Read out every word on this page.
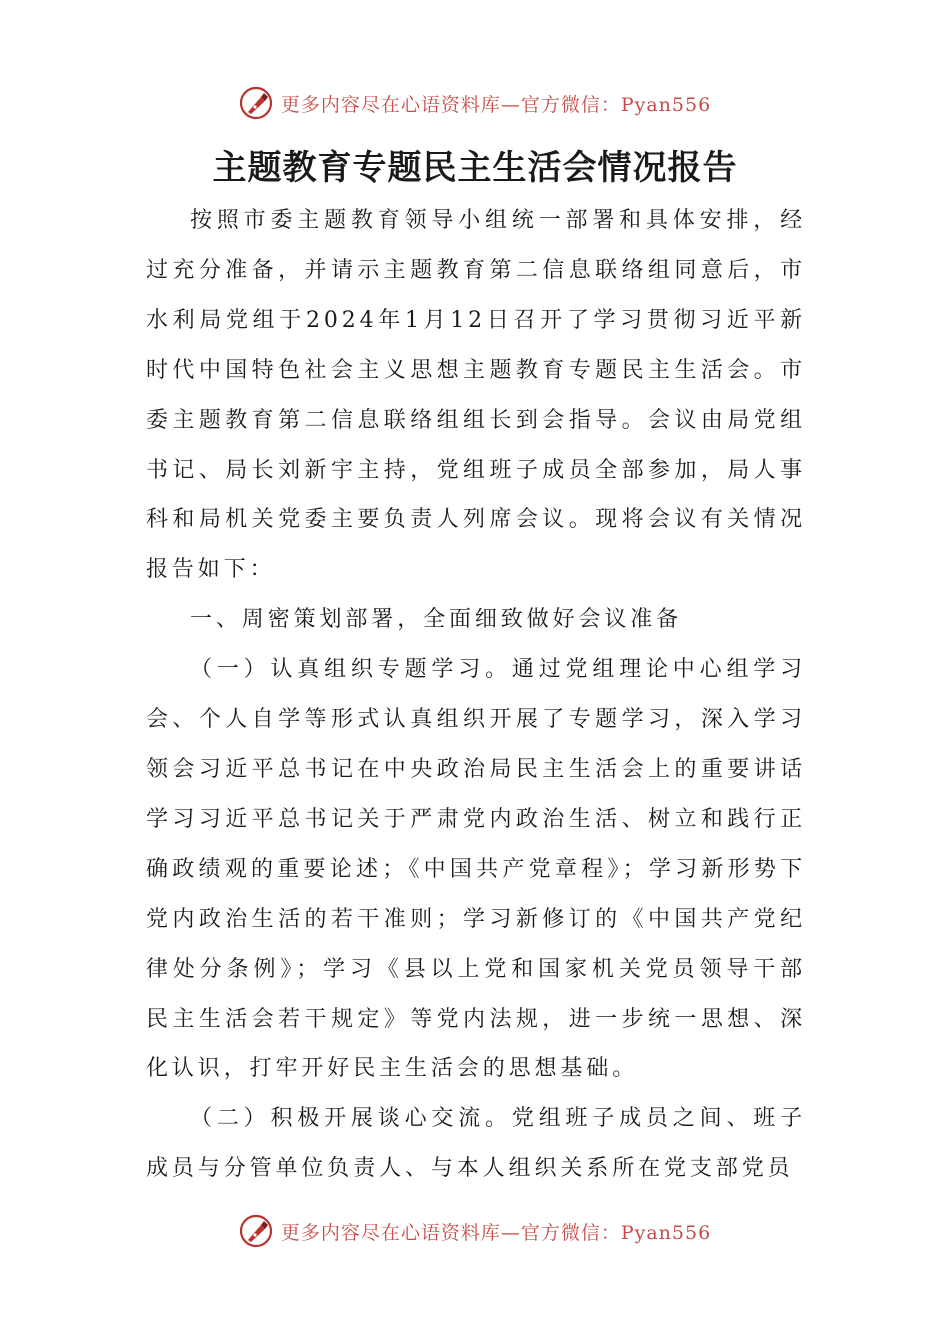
更多内容尽在心语资料库—官方微信：Pyan556
主题教育专题民主生活会情况报告

按照市委主题教育领导小组统一部署和具体安排，经过充分准备，并请示主题教育第二信息联络组同意后，市水利局党组于2024年1月12日召开了学习贯彻习近平新时代中国特色社会主义思想主题教育专题民主生活会。市委主题教育第二信息联络组组长到会指导。会议由局党组书记、局长刘新宇主持，党组班子成员全部参加，局人事科和局机关党委主要负责人列席会议。现将会议有关情况报告如下：

一、周密策划部署，全面细致做好会议准备

（一）认真组织专题学习。通过党组理论中心组学习会、个人自学等形式认真组织开展了专题学习，深入学习领会习近平总书记在中央政治局民主生活会上的重要讲话学习习近平总书记关于严肃党内政治生活、树立和践行正确政绩观的重要论述；《中国共产党章程》；学习新形势下党内政治生活的若干准则；学习新修订的《中国共产党纪律处分条例》；学习《县以上党和国家机关党员领导干部民主生活会若干规定》等党内法规，进一步统一思想、深化认识，打牢开好民主生活会的思想基础。

（二）积极开展谈心交流。党组班子成员之间、班子成员与分管单位负责人、与本人组织关系所在党支部党员

更多内容尽在心语资料库—官方微信：Pyan556
